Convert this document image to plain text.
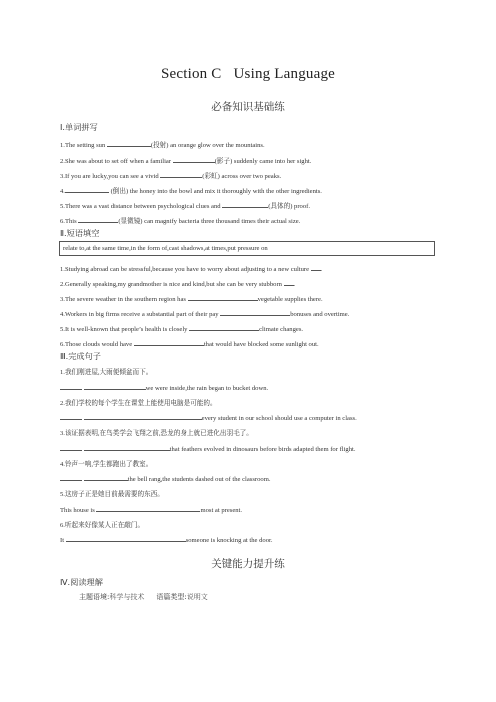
Section C Using Language
必备知识基础练
Ⅰ.单词拼写
1.The setting sun	(投射) an orange glow over the mountains.
2.She was about to set off when a familiar	(影子) suddenly came into her sight.
3.If you are lucky,you can see a vivid	(彩虹) across over two peaks.
4.	(倒出) the honey into the bowl and mix it thoroughly with the other ingredients.
5.There was a vast distance between psychological clues and	(具体的) proof.
6.This	(显微镜) can magnify bacteria three thousand times their actual size.
Ⅱ.短语填空
relate to,at the same time,in the form of,cast shadows,at times,put pressure on
1.Studying abroad can be stressful,because you have to worry about adjusting to a new culture .
2.Generally speaking,my grandmother is nice and kind,but she can be very stubborn .
3.The severe weather in the southern region has	vegetable supplies there.
4.Workers in big firms receive a substantial part of their pay	bonuses and overtime.
5.It is well-known that people’s health is closely	climate changes.
6.Those clouds would have	that would have blocked some sunlight out.
Ⅲ.完成句子
1.我们刚进屋,大雨便倾盆而下。
we were inside,the rain began to bucket down.
2.我们学校的每个学生在课堂上能使用电脑是可能的。
every student in our school should use a computer in class.
3.该证据表明,在鸟类学会飞翔之前,恐龙的身上就已进化出羽毛了。
that feathers evolved in dinosaurs before birds adapted them for flight.
4.铃声一响,学生都跑出了教室。
the bell rang,the students dashed out of the classroom.
5.这房子正是她目前最需要的东西。
This house is	most at present.
6.听起来好像某人正在敲门。
It	someone is knocking at the door.
关键能力提升练
Ⅳ.阅读理解
主题语境:科学与技术 语篇类型:说明文
